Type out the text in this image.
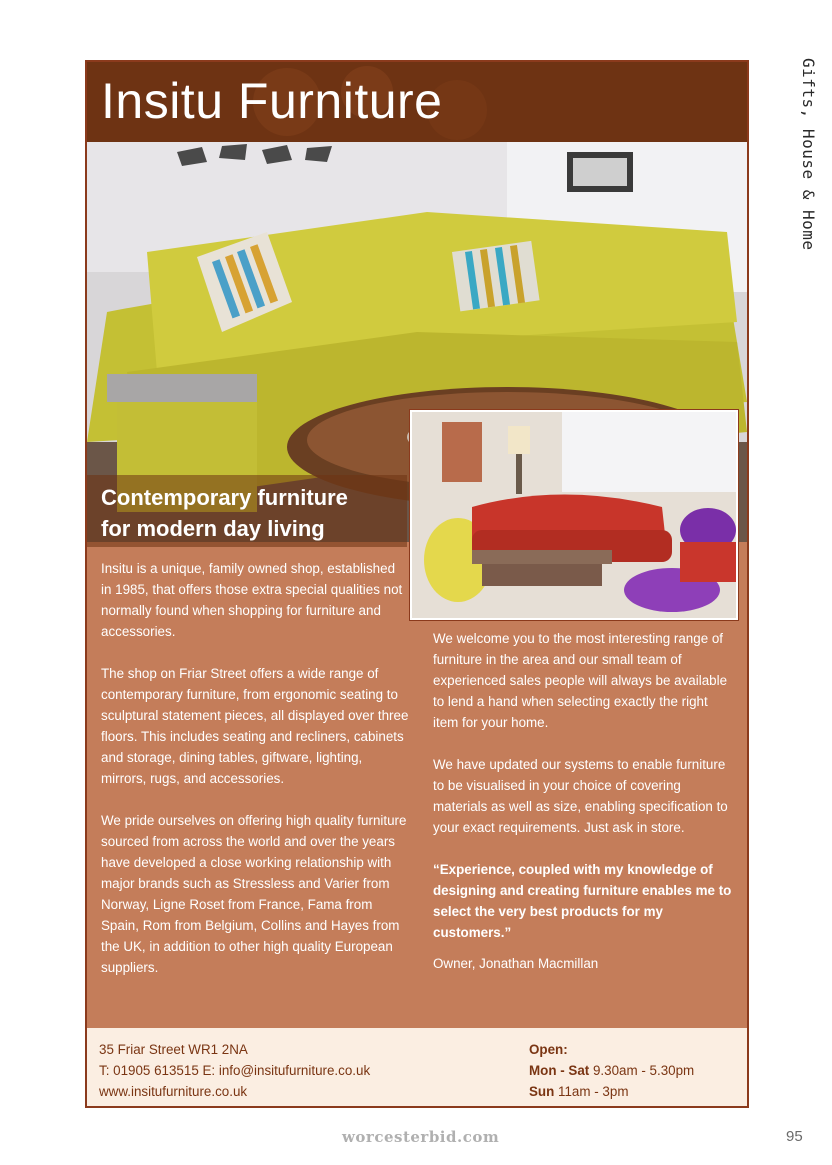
Gifts, House & Home
Insitu Furniture
Contemporary furniture
for modern day living

Insitu is a unique, family owned shop, established in 1985, that offers those extra special qualities not normally found when shopping for furniture and accessories.

The shop on Friar Street offers a wide range of contemporary furniture, from ergonomic seating to sculptural statement pieces, all displayed over three floors. This includes seating and recliners, cabinets and storage, dining tables, giftware, lighting, mirrors, rugs, and accessories.

We pride ourselves on offering high quality furniture sourced from across the world and over the years have developed a close working relationship with major brands such as Stressless and Varier from Norway, Ligne Roset from France, Fama from Spain, Rom from Belgium, Collins and Hayes from the UK, in addition to other high quality European suppliers.

We welcome you to the most interesting range of furniture in the area and our small team of experienced sales people will always be available to lend a hand when selecting exactly the right item for your home.

We have updated our systems to enable furniture to be visualised in your choice of covering materials as well as size, enabling specification to your exact requirements. Just ask in store.

“Experience, coupled with my knowledge of designing and creating furniture enables me to select the very best products for my customers.”

Owner, Jonathan Macmillan

35 Friar Street WR1 2NA
T: 01905 613515 E: info@insitufurniture.co.uk
www.insitufurniture.co.uk
Open:
Mon - Sat 9.30am - 5.30pm
Sun 11am - 3pm
worcesterbid.com	95
